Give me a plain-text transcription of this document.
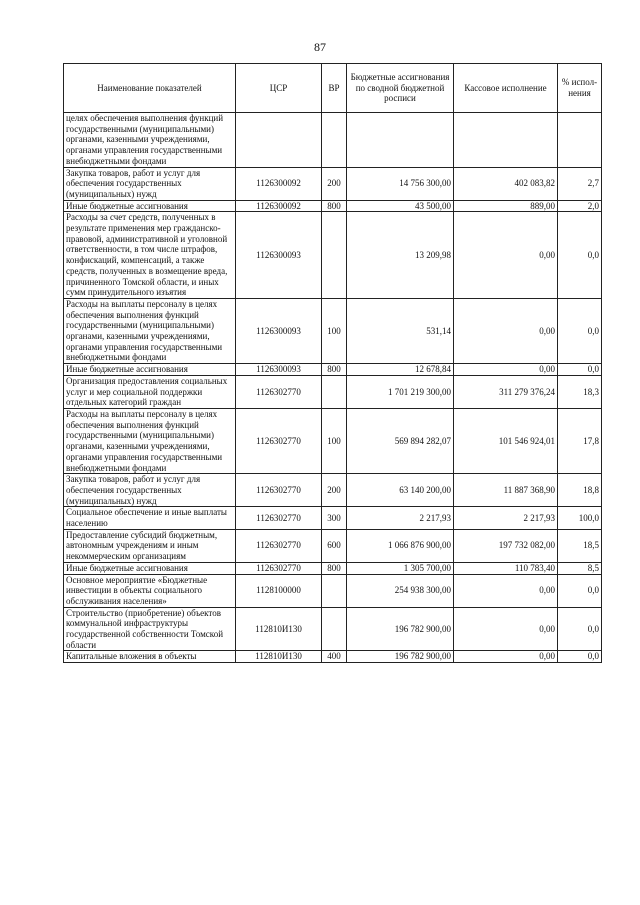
87
Наименование показателей	ЦСР	ВР	Бюджетные ассигнования по сводной бюджетной росписи	Кассовое исполнение	% испол- нения
целях обеспечения выполнения функций государственными (муниципальными) органами, казенными учреждениями, органами управления государственными внебюджетными фондами					
Закупка товаров, работ и услуг для обеспечения государственных (муниципальных) нужд	1126300092	200	14 756 300,00	402 083,82	2,7
Иные бюджетные ассигнования	1126300092	800	43 500,00	889,00	2,0
Расходы за счет средств, полученных в результате применения мер гражданско-правовой, административной и уголовной ответственности, в том числе штрафов, конфискаций, компенсаций, а также средств, полученных в возмещение вреда, причиненного Томской области, и иных сумм принудительного изъятия	1126300093		13 209,98	0,00	0,0
Расходы на выплаты персоналу в целях обеспечения выполнения функций государственными (муниципальными) органами, казенными учреждениями, органами управления государственными внебюджетными фондами	1126300093	100	531,14	0,00	0,0
Иные бюджетные ассигнования	1126300093	800	12 678,84	0,00	0,0
Организация предоставления социальных услуг и мер социальной поддержки отдельных категорий граждан	1126302770		1 701 219 300,00	311 279 376,24	18,3
Расходы на выплаты персоналу в целях обеспечения выполнения функций государственными (муниципальными) органами, казенными учреждениями, органами управления государственными внебюджетными фондами	1126302770	100	569 894 282,07	101 546 924,01	17,8
Закупка товаров, работ и услуг для обеспечения государственных (муниципальных) нужд	1126302770	200	63 140 200,00	11 887 368,90	18,8
Социальное обеспечение и иные выплаты населению	1126302770	300	2 217,93	2 217,93	100,0
Предоставление субсидий бюджетным, автономным учреждениям и иным некоммерческим организациям	1126302770	600	1 066 876 900,00	197 732 082,00	18,5
Иные бюджетные ассигнования	1126302770	800	1 305 700,00	110 783,40	8,5
Основное мероприятие «Бюджетные инвестиции в объекты социального обслуживания населения»	1128100000		254 938 300,00	0,00	0,0
Строительство (приобретение) объектов коммунальной инфраструктуры государственной собственности Томской области	112810И130		196 782 900,00	0,00	0,0
Капитальные вложения в объекты	112810И130	400	196 782 900,00	0,00	0,0
